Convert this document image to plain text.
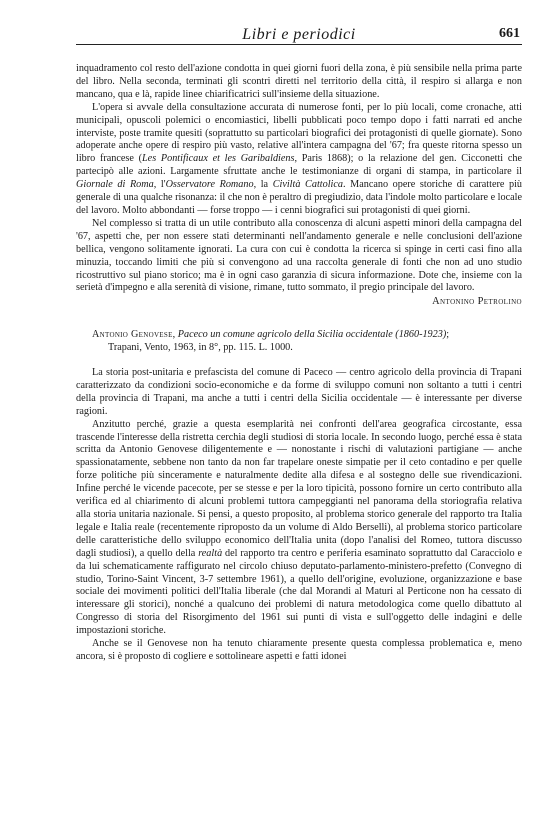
Libri e periodici	661

inquadramento col resto dell'azione condotta in quei giorni fuori della zona, è più sensibile nella prima parte del libro. Nella seconda, terminati gli scontri diretti nel territorio della città, il respiro si allarga e non mancano, qua e là, rapide linee chiarificatrici sull'insieme della situazione.

L'opera si avvale della consultazione accurata di numerose fonti, per lo più locali, come cronache, atti municipali, opuscoli polemici o encomiastici, libelli pubblicati poco tempo dopo i fatti narrati ed anche interviste, poste tramite quesiti (soprattutto su particolari biografici dei protagonisti di quelle giornate). Sono adoperate anche opere di respiro più vasto, relative all'intera campagna del '67; fra queste ritorna spesso un libro francese (Les Pontificaux et les Garibaldiens, Paris 1868); o la relazione del gen. Cicconetti che partecipò alle azioni. Largamente sfruttate anche le testimonianze di organi di stampa, in particolare il Giornale di Roma, l'Osservatore Romano, la Civiltà Cattolica. Mancano opere storiche di carattere più generale di una qualche risonanza: il che non è peraltro di pregiudizio, data l'indole molto particolare e locale del lavoro. Molto abbondanti — forse troppo — i cenni biografici sui protagonisti di quei giorni.

Nel complesso si tratta di un utile contributo alla conoscenza di alcuni aspetti minori della campagna del '67, aspetti che, per non essere stati determinanti nell'andamento generale e nelle conclusioni dell'azione bellica, vengono solitamente ignorati. La cura con cui è condotta la ricerca si spinge in certi casi fino alla minuzia, toccando limiti che più si convengono ad una raccolta generale di fonti che non ad uno studio ricostruttivo sul piano storico; ma è in ogni caso garanzia di sicura informazione. Dote che, insieme con la serietà d'impegno e alla serenità di visione, rimane, tutto sommato, il pregio principale del lavoro.

Antonino Petrolino

Antonio Genovese, Paceco un comune agricolo della Sicilia occidentale (1860-1923);
Trapani, Vento, 1963, in 8°, pp. 115. L. 1000.

La storia post-unitaria e prefascista del comune di Paceco — centro agricolo della provincia di Trapani caratterizzato da condizioni socio-economiche e da forme di sviluppo comuni non soltanto a tutti i centri della provincia di Trapani, ma anche a tutti i centri della Sicilia occidentale — è interessante per diverse ragioni.

Anzitutto perché, grazie a questa esemplarità nei confronti dell'area geografica circostante, essa trascende l'interesse della ristretta cerchia degli studiosi di storia locale. In secondo luogo, perché essa è stata scritta da Antonio Genovese diligentemente e — nonostante i rischi di valutazioni partigiane — anche spassionatamente, sebbene non tanto da non far trapelare oneste simpatie per il ceto contadino e per quelle forze politiche più sinceramente e naturalmente dedite alla difesa e al sostegno delle sue rivendicazioni. Infine perché le vicende pacecote, per se stesse e per la loro tipicità, possono fornire un certo contributo alla verifica ed al chiarimento di alcuni problemi tuttora campeggianti nel panorama della storiografia relativa alla storia unitaria nazionale. Si pensi, a questo proposito, al problema storico generale del rapporto tra Italia legale e Italia reale (recentemente riproposto da un volume di Aldo Berselli), al problema storico particolare delle caratteristiche dello sviluppo economico dell'Italia unita (dopo l'analisi del Romeo, tuttora discusso dagli studiosi), a quello della realtà del rapporto tra centro e periferia esaminato soprattutto dal Caracciolo e da lui schematicamente raffigurato nel circolo chiuso deputato-parlamento-ministero-prefetto (Convegno di studio, Torino-Saint Vincent, 3-7 settembre 1961), a quello dell'origine, evoluzione, organizzazione e base sociale dei movimenti politici dell'Italia liberale (che dal Morandi al Maturi al Perticone non ha cessato di interessare gli storici), nonché a qualcuno dei problemi di natura metodologica come quello dibattuto al Congresso di storia del Risorgimento del 1961 sui punti di vista e sull'oggetto delle indagini e delle impostazioni storiche.

Anche se il Genovese non ha tenuto chiaramente presente questa complessa problematica e, meno ancora, si è proposto di cogliere e sottolineare aspetti e fatti idonei
